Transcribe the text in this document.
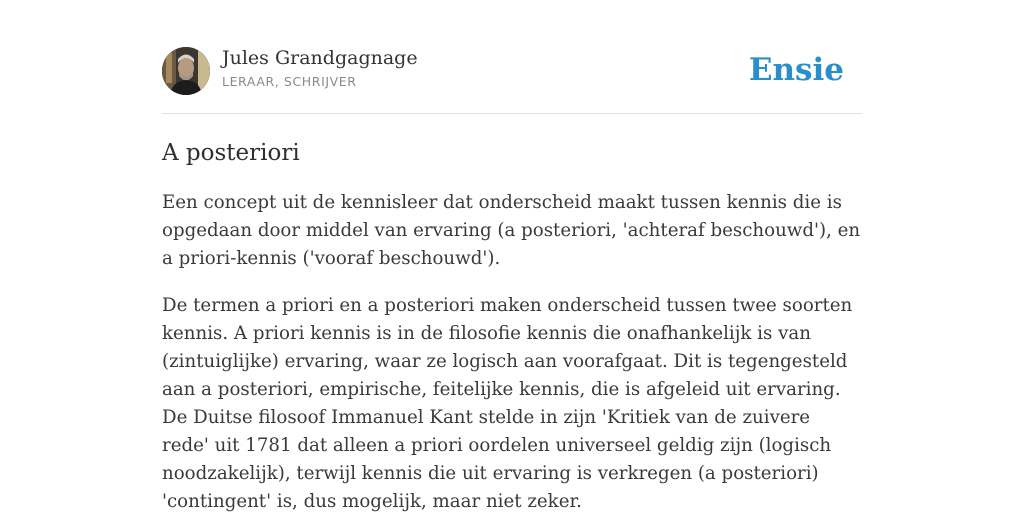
Jules Grandgagnage
LERAAR, SCHRIJVER	Ensie
A posteriori

Een concept uit de kennisleer dat onderscheid maakt tussen kennis die is opgedaan door middel van ervaring (a posteriori, 'achteraf beschouwd'), en a priori-kennis ('vooraf beschouwd').

De termen a priori en a posteriori maken onderscheid tussen twee soorten kennis. A priori kennis is in de filosofie kennis die onafhankelijk is van (zintuiglijke) ervaring, waar ze logisch aan voorafgaat. Dit is tegengesteld aan a posteriori, empirische, feitelijke kennis, die is afgeleid uit ervaring. De Duitse filosoof Immanuel Kant stelde in zijn 'Kritiek van de zuivere rede' uit 1781 dat alleen a priori oordelen universeel geldig zijn (logisch noodzakelijk), terwijl kennis die uit ervaring is verkregen (a posteriori) 'contingent' is, dus mogelijk, maar niet zeker.
